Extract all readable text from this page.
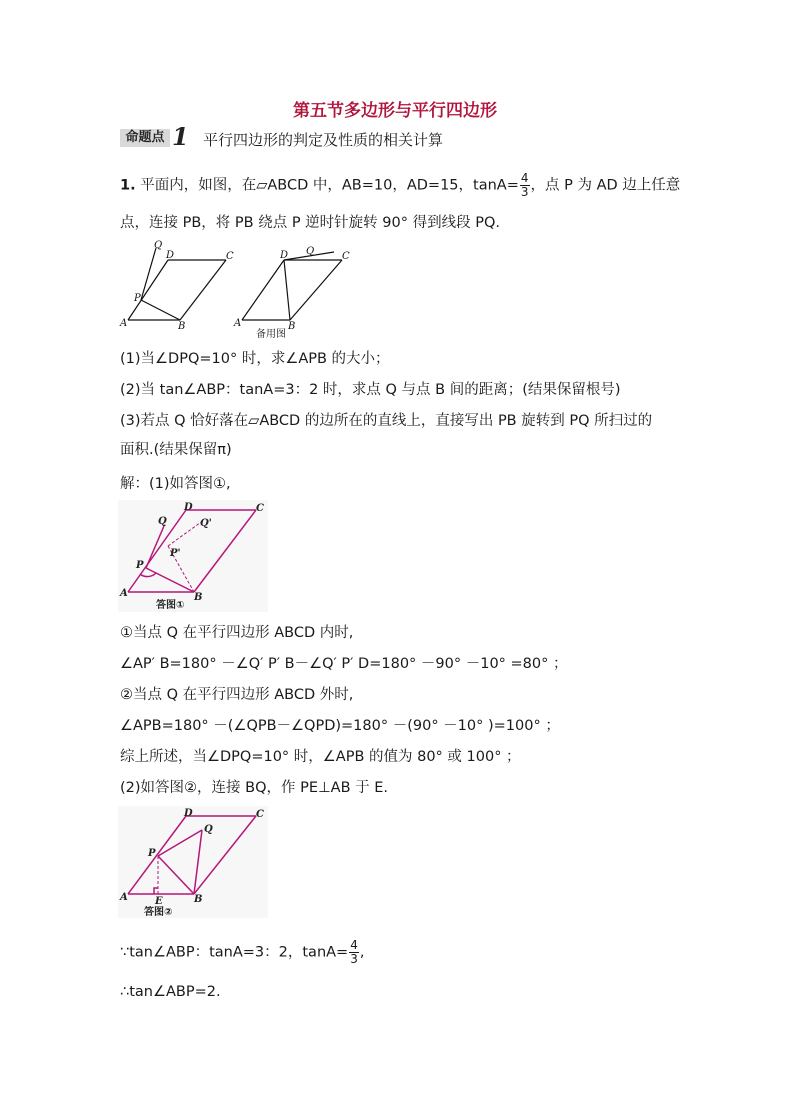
第五节多边形与平行四边形
命题点 1 平行四边形的判定及性质的相关计算
1. 平面内，如图，在▱ABCD 中，AB=10，AD=15，$\tan A= \frac{4}{3}$ ，点 P 为 AD 边上任意
点，连接 PB，将 PB 绕点 P 逆时针旋转 90° 得到线段 PQ.
Q
D	C
P
A	B
D Q	C
A	B
备用图
(1)当∠DPQ=10° 时，求∠APB 的大小；
(2)当 tan∠ABP：tanA=3：2 时，求点 Q 与点 B 间的距离；(结果保留根号)
(3)若点 Q 恰好落在▱ABCD 的边所在的直线上，直接写出 PB 旋转到 PQ 所扫过的
面积.(结果保留π)
解：(1)如答图①,
Q
D
Q'
C
P'
P
A	B
答图①
①当点 Q 在平行四边形 ABCD 内时,
∠AP′ B=180° －∠Q′ P′ B－∠Q′ P′ D=180° －90° －10° =80° ；
②当点 Q 在平行四边形 ABCD 外时,
∠APB=180° －(∠QPB－∠QPD)=180° －(90° －10° )=100° ；
综上所述，当∠DPQ=10° 时，∠APB 的值为 80° 或 100° ；
(2)如答图②，连接 BQ，作 PE⊥AB 于 E.
D
Q
C
P
A	E	B
答图②
∵tan∠ABP：tanA=3：2，$\tan A= \frac{4}{3}$ ,
∴tan∠ABP=2.
